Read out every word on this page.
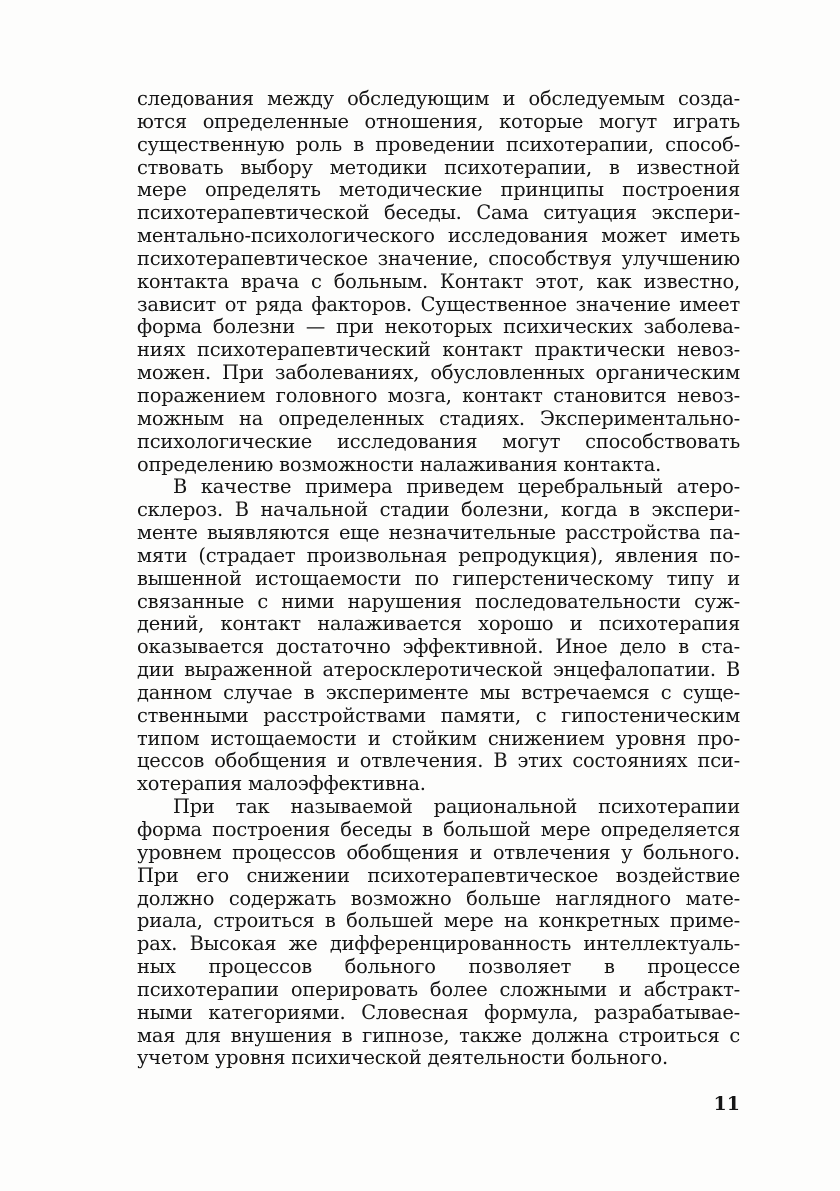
следования между обследующим и обследуемым созда-
ются определенные отношения, которые могут играть
существенную роль в проведении психотерапии, способ-
ствовать выбору методики психотерапии, в известной
мере определять методические принципы построения
психотерапевтической беседы. Сама ситуация экспери-
ментально-психологического исследования может иметь
психотерапевтическое значение, способствуя улучшению
контакта врача с больным. Контакт этот, как известно,
зависит от ряда факторов. Существенное значение имеет
форма болезни — при некоторых психических заболева-
ниях психотерапевтический контакт практически невоз-
можен. При заболеваниях, обусловленных органическим
поражением головного мозга, контакт становится невоз-
можным на определенных стадиях. Экспериментально-
психологические исследования могут способствовать
определению возможности налаживания контакта.
В качестве примера приведем церебральный атеро-
склероз. В начальной стадии болезни, когда в экспери-
менте выявляются еще незначительные расстройства па-
мяти (страдает произвольная репродукция), явления по-
вышенной истощаемости по гиперстеническому типу и
связанные с ними нарушения последовательности суж-
дений, контакт налаживается хорошо и психотерапия
оказывается достаточно эффективной. Иное дело в ста-
дии выраженной атеросклеротической энцефалопатии. В
данном случае в эксперименте мы встречаемся с суще-
ственными расстройствами памяти, с гипостеническим
типом истощаемости и стойким снижением уровня про-
цессов обобщения и отвлечения. В этих состояниях пси-
хотерапия малоэффективна.
При так называемой рациональной психотерапии
форма построения беседы в большой мере определяется
уровнем процессов обобщения и отвлечения у больного.
При его снижении психотерапевтическое воздействие
должно содержать возможно больше наглядного мате-
риала, строиться в большей мере на конкретных приме-
рах. Высокая же дифференцированность интеллектуаль-
ных процессов больного позволяет в процессе
психотерапии оперировать более сложными и абстракт-
ными категориями. Словесная формула, разрабатывае-
мая для внушения в гипнозе, также должна строиться с
учетом уровня психической деятельности больного.
11
